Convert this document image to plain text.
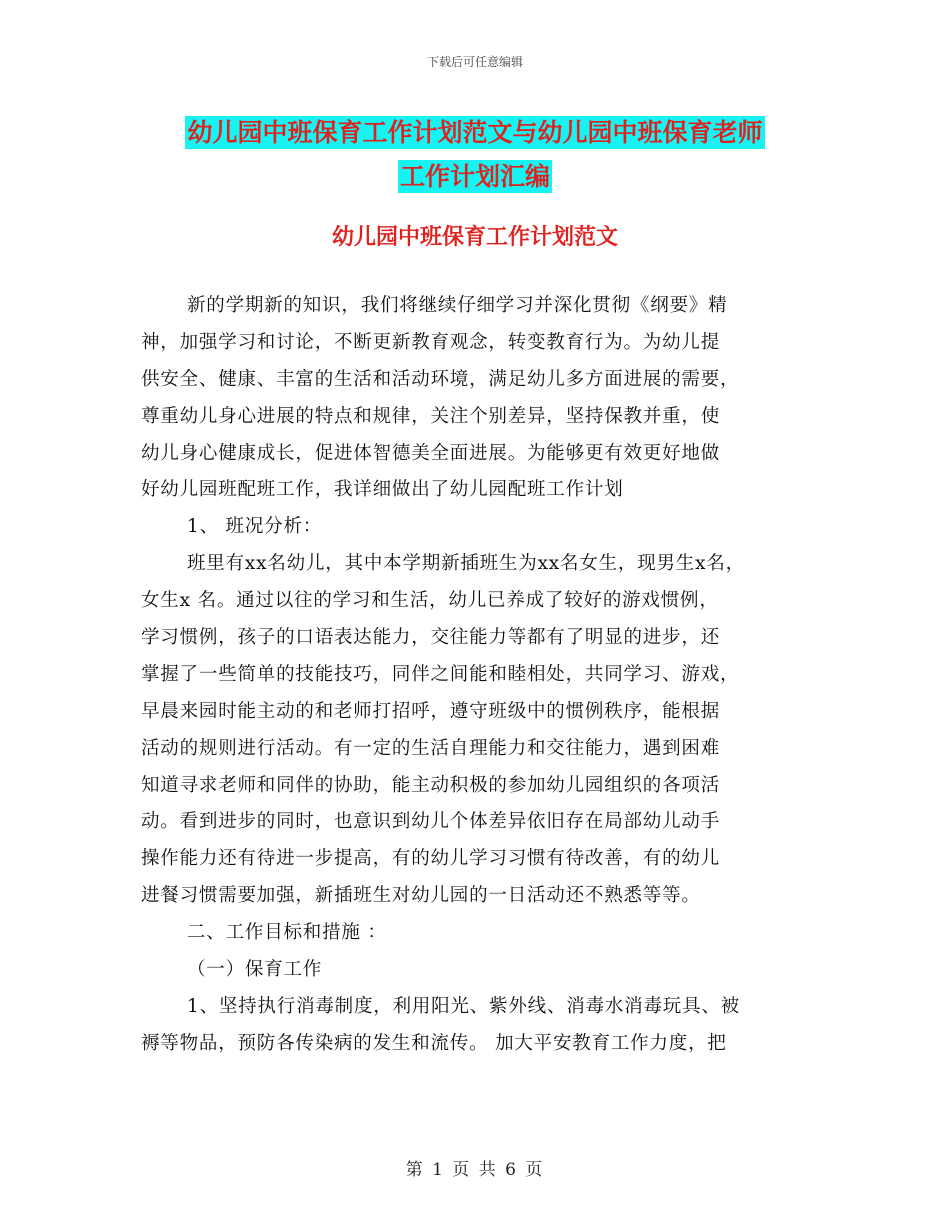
下载后可任意编辑
幼儿园中班保育工作计划范文与幼儿园中班保育老师
工作计划汇编
幼儿园中班保育工作计划范文
新的学期新的知识，我们将继续仔细学习并深化贯彻《纲要》精
神，加强学习和讨论，不断更新教育观念，转变教育行为。为幼儿提
供安全、健康、丰富的生活和活动环境，满足幼儿多方面进展的需要，
尊重幼儿身心进展的特点和规律，关注个别差异，坚持保教并重，使
幼儿身心健康成长，促进体智德美全面进展。为能够更有效更好地做
好幼儿园班配班工作，我详细做出了幼儿园配班工作计划
1、 班况分析：
班里有xx名幼儿，其中本学期新插班生为xx名女生，现男生x名，
女生x 名。通过以往的学习和生活，幼儿已养成了较好的游戏惯例，
学习惯例，孩子的口语表达能力，交往能力等都有了明显的进步，还
掌握了一些简单的技能技巧，同伴之间能和睦相处，共同学习、游戏，
早晨来园时能主动的和老师打招呼，遵守班级中的惯例秩序，能根据
活动的规则进行活动。有一定的生活自理能力和交往能力，遇到困难
知道寻求老师和同伴的协助，能主动积极的参加幼儿园组织的各项活
动。看到进步的同时，也意识到幼儿个体差异依旧存在局部幼儿动手
操作能力还有待进一步提高，有的幼儿学习习惯有待改善，有的幼儿
进餐习惯需要加强，新插班生对幼儿园的一日活动还不熟悉等等。
二、工作目标和措施 ：
（一）保育工作
1、坚持执行消毒制度，利用阳光、紫外线、消毒水消毒玩具、被
褥等物品，预防各传染病的发生和流传。 加大平安教育工作力度，把
第 1 页 共 6 页
